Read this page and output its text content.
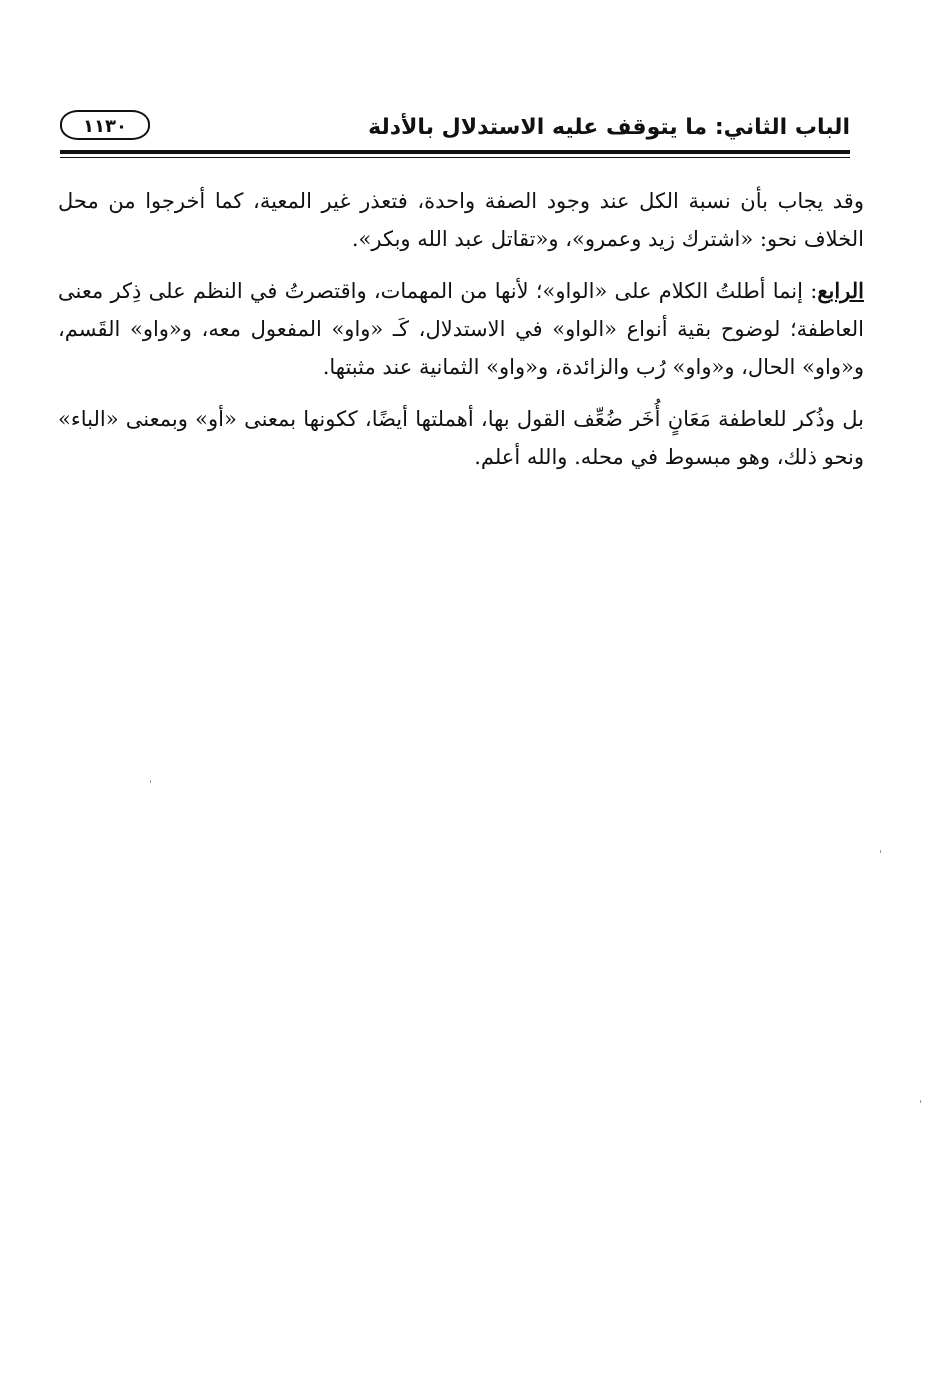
١١٣٠	الباب الثاني: ما يتوقف عليه الاستدلال بالأدلة

وقد يجاب بأن نسبة الكل عند وجود الصفة واحدة، فتعذر غير المعية، كما أخرجوا من محل الخلاف نحو: «اشترك زيد وعمرو»، و«تقاتل عبد الله وبكر».

الرابع: إنما أطلتُ الكلام على «الواو»؛ لأنها من المهمات، واقتصرتُ في النظم على ذِكر معنى العاطفة؛ لوضوح بقية أنواع «الواو» في الاستدلال، كَـ «واو» المفعول معه، و«واو» القَسم، و«واو» الحال، و«واو» رُب والزائدة، و«واو» الثمانية عند مثبتها.

بل وذُكر للعاطفة مَعَانٍ أُخَر ضُعِّف القول بها، أهملتها أيضًا، ككونها بمعنى «أو» وبمعنى «الباء» ونحو ذلك، وهو مبسوط في محله. والله أعلم.
